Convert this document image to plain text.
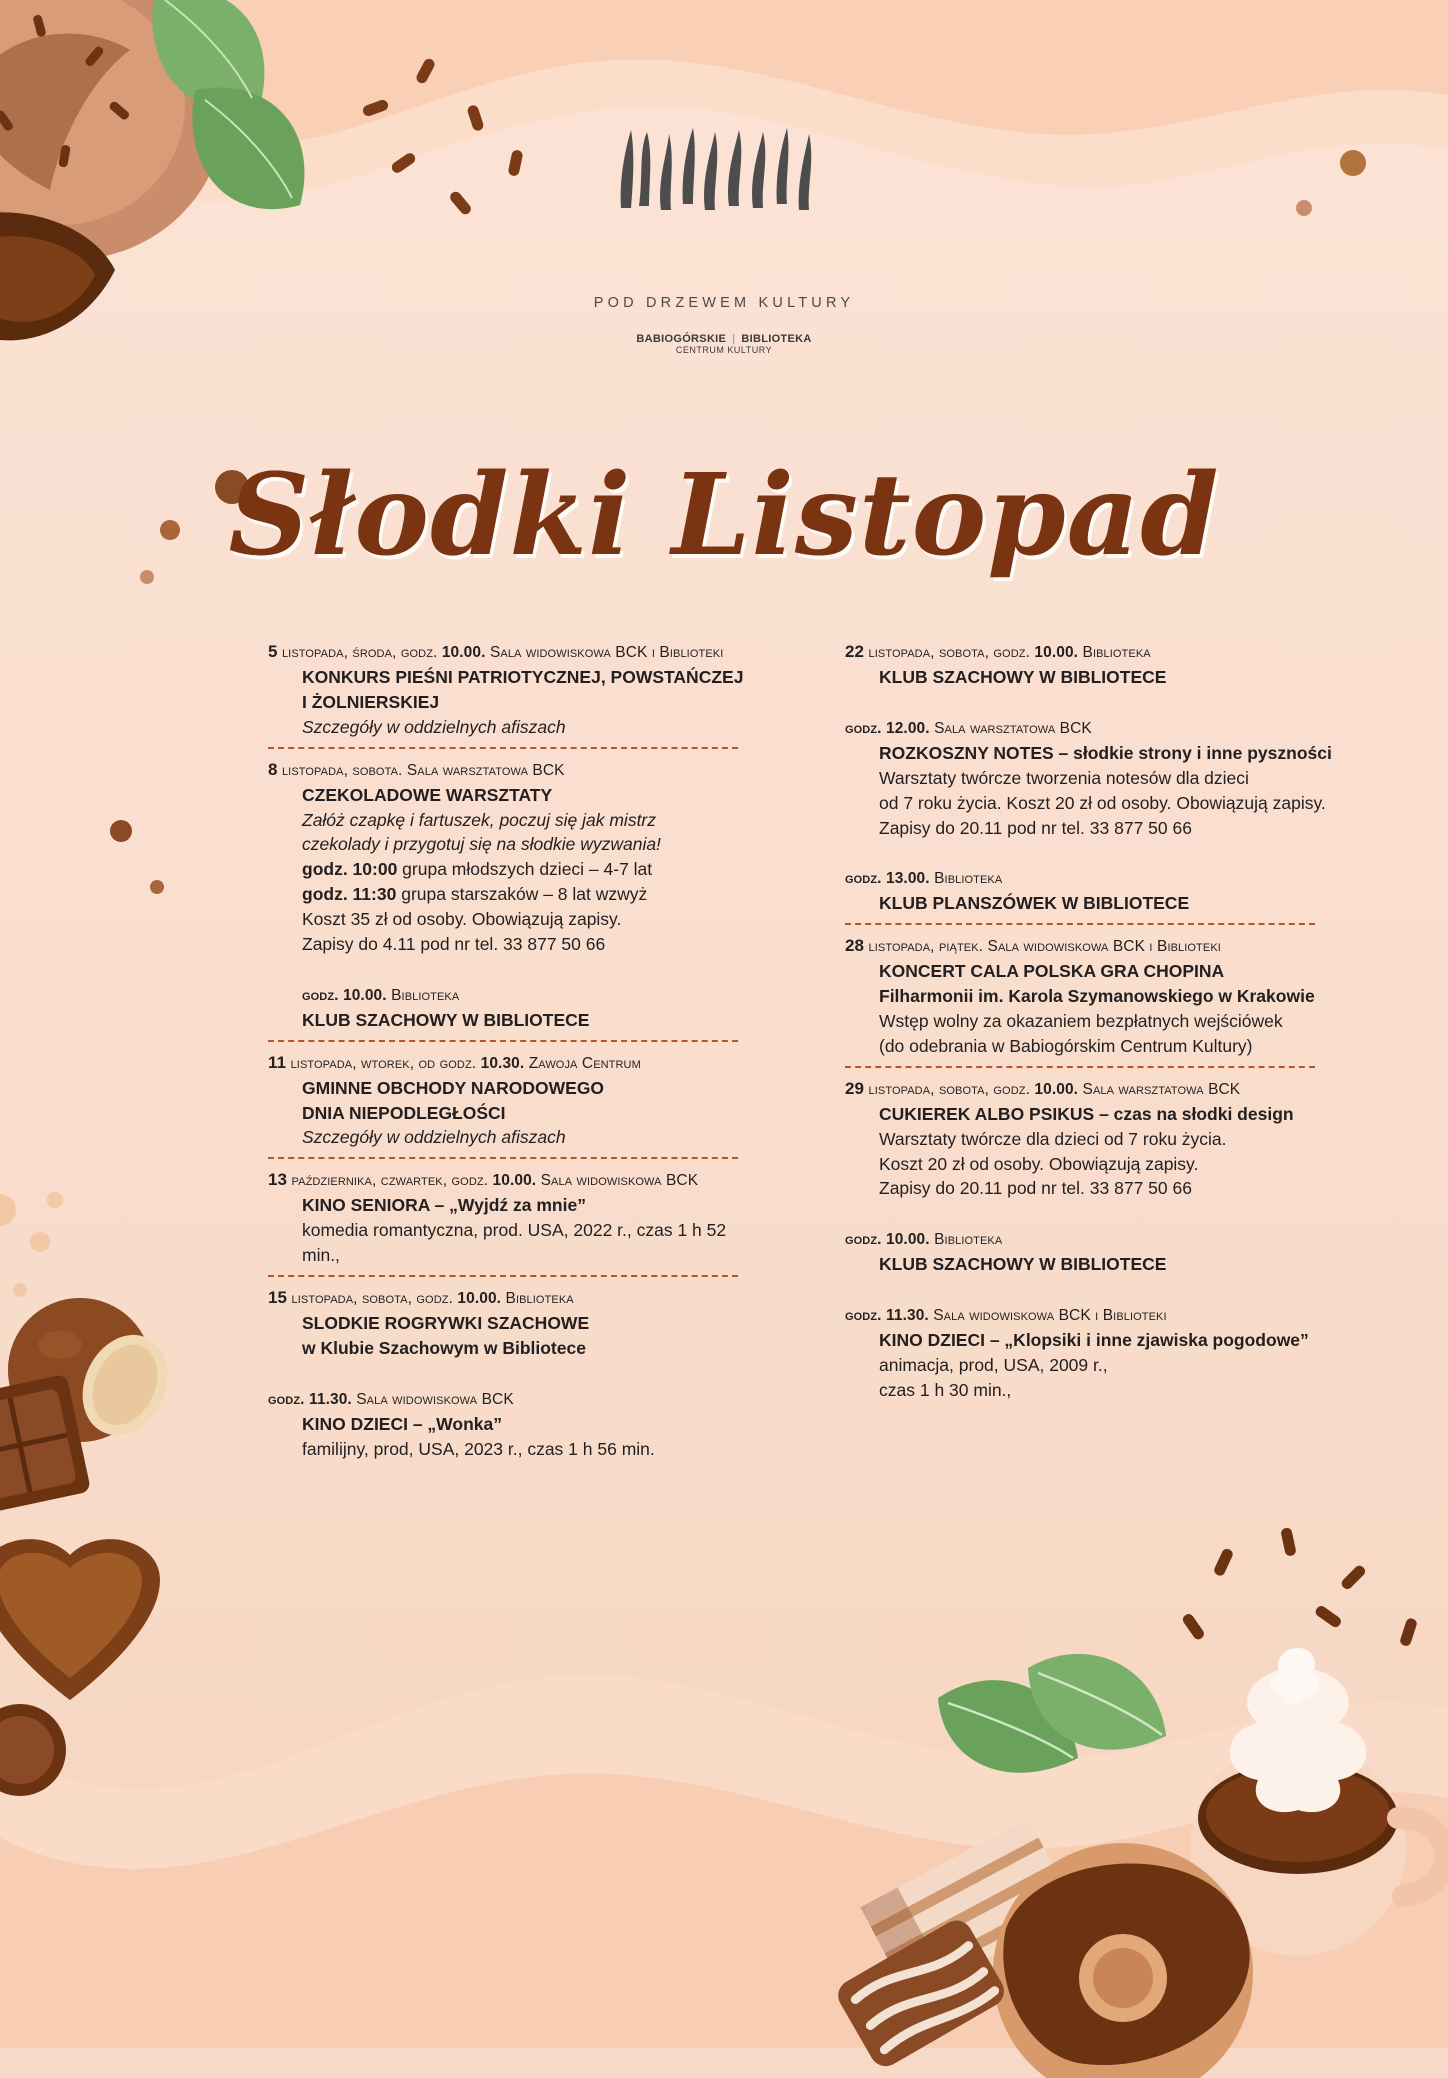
POD DRZEWEM KULTURY
BABIOGÓRSKIE | BIBLIOTEKA
CENTRUM KULTURY
Słodki Listopad
5 listopada, środa, godz. 10.00. Sala widowiskowa BCK i Biblioteki
KONKURS PIEŚNI PATRIOTYCZNEJ, POWSTAŃCZEJ
I ŻOLNIERSKIEJ
Szczegóły w oddzielnych afiszach
8 listopada, sobota. Sala warsztatowa BCK
CZEKOLADOWE WARSZTATY
Załóż czapkę i fartuszek, poczuj się jak mistrz
czekolady i przygotuj się na słodkie wyzwania!
godz. 10:00 grupa młodszych dzieci – 4-7 lat
godz. 11:30 grupa starszaków – 8 lat wzwyż
Koszt 35 zł od osoby. Obowiązują zapisy.
Zapisy do 4.11 pod nr tel. 33 877 50 66
godz. 10.00. Biblioteka
KLUB SZACHOWY W BIBLIOTECE
11 listopada, wtorek, od godz. 10.30. Zawoja Centrum
GMINNE OBCHODY NARODOWEGO
DNIA NIEPODLEGŁOŚCI
Szczegóły w oddzielnych afiszach
13 października, czwartek, godz. 10.00. Sala widowiskowa BCK
KINO SENIORA – „Wyjdź za mnie”
komedia romantyczna, prod. USA, 2022 r., czas 1 h 52 min.,
15 listopada, sobota, godz. 10.00. Biblioteka
SLODKIE ROGRYWKI SZACHOWE
w Klubie Szachowym w Bibliotece
godz. 11.30. Sala widowiskowa BCK
KINO DZIECI – „Wonka”
familijny, prod, USA, 2023 r., czas 1 h 56 min.
22 listopada, sobota, godz. 10.00. Biblioteka
KLUB SZACHOWY W BIBLIOTECE
godz. 12.00. Sala warsztatowa BCK
ROZKOSZNY NOTES – słodkie strony i inne pyszności
Warsztaty twórcze tworzenia notesów dla dzieci
od 7 roku życia. Koszt 20 zł od osoby. Obowiązują zapisy.
Zapisy do 20.11 pod nr tel. 33 877 50 66
godz. 13.00. Biblioteka
KLUB PLANSZÓWEK W BIBLIOTECE
28 listopada, piątek. Sala widowiskowa BCK i Biblioteki
KONCERT CALA POLSKA GRA CHOPINA
Filharmonii im. Karola Szymanowskiego w Krakowie
Wstęp wolny za okazaniem bezpłatnych wejściówek
(do odebrania w Babiogórskim Centrum Kultury)
29 listopada, sobota, godz. 10.00. Sala warsztatowa BCK
CUKIEREK ALBO PSIKUS – czas na słodki design
Warsztaty twórcze dla dzieci od 7 roku życia.
Koszt 20 zł od osoby. Obowiązują zapisy.
Zapisy do 20.11 pod nr tel. 33 877 50 66
godz. 10.00. Biblioteka
KLUB SZACHOWY W BIBLIOTECE
godz. 11.30. Sala widowiskowa BCK i Biblioteki
KINO DZIECI – „Klopsiki i inne zjawiska pogodowe”
animacja, prod, USA, 2009 r.,
czas 1 h 30 min.,
